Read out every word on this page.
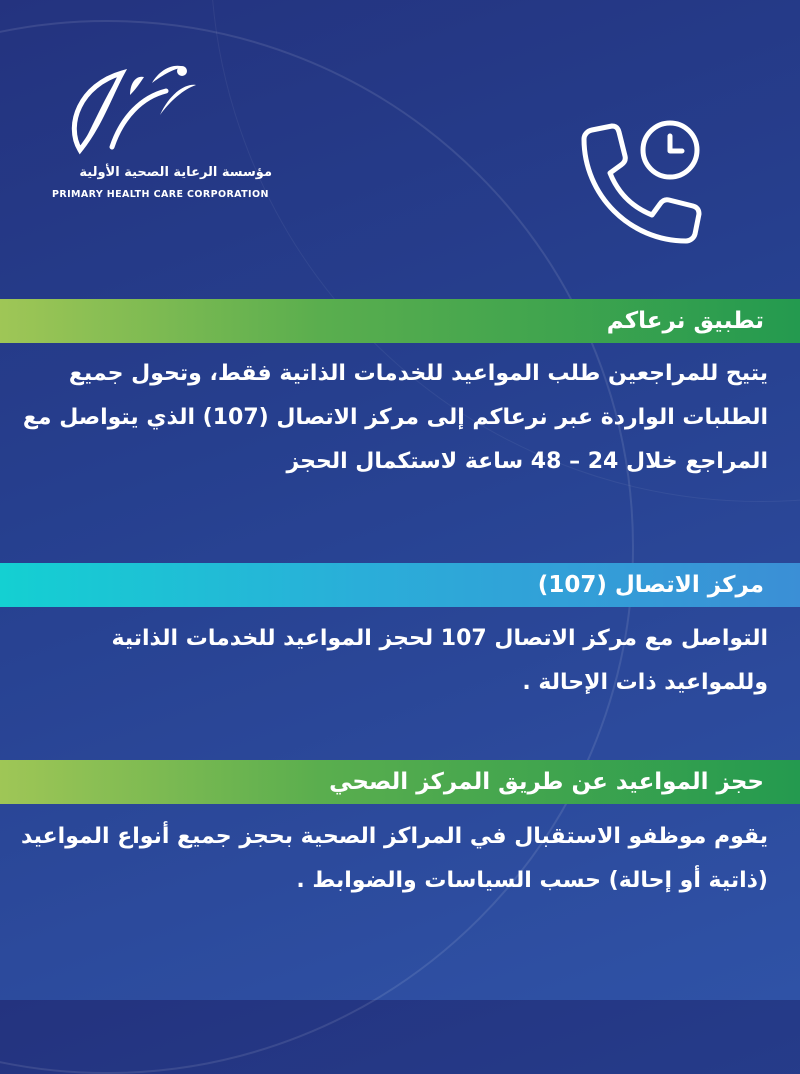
مؤسسة الرعاية الصحية الأولية
PRIMARY HEALTH CARE CORPORATION
تطبيق نرعاكم
يتيح للمراجعين طلب المواعيد للخدمات الذاتية فقط، وتحول جميع
الطلبات الواردة عبر نرعاكم إلى مركز الاتصال (107) الذي يتواصل مع
المراجع خلال 24 – 48 ساعة لاستكمال الحجز
مركز الاتصال (107)
التواصل مع مركز الاتصال 107 لحجز المواعيد للخدمات الذاتية
وللمواعيد ذات الإحالة .
حجز المواعيد عن طريق المركز الصحي
يقوم موظفو الاستقبال في المراكز الصحية بحجز جميع أنواع المواعيد
(ذاتية أو إحالة) حسب السياسات والضوابط .
